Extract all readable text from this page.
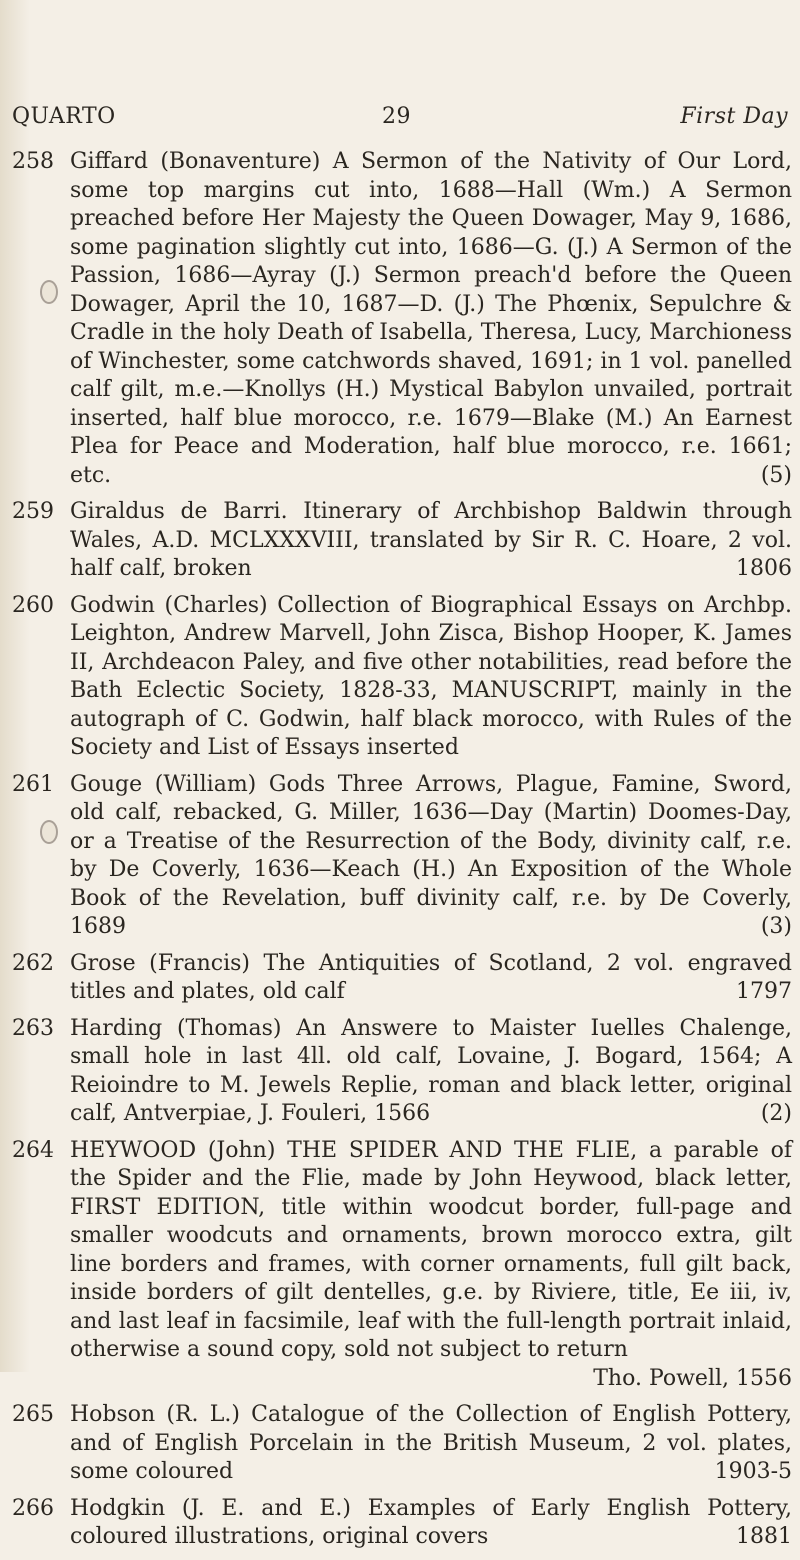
QUARTO	29	First Day
258 Giffard (Bonaventure) A Sermon of the Nativity of Our Lord, some top margins cut into, 1688—Hall (Wm.) A Sermon preached before Her Majesty the Queen Dowager, May 9, 1686, some pagination slightly cut into, 1686—G. (J.) A Sermon of the Passion, 1686—Ayray (J.) Sermon preach'd before the Queen Dowager, April the 10, 1687—D. (J.) The Phœnix, Sepulchre & Cradle in the holy Death of Isabella, Theresa, Lucy, Marchioness of Winchester, some catchwords shaved, 1691; in 1 vol. panelled calf gilt, m.e.—Knollys (H.) Mystical Babylon unvailed, portrait inserted, half blue morocco, r.e. 1679—Blake (M.) An Earnest Plea for Peace and Moderation, half blue morocco, r.e. 1661; etc.	(5)
259 Giraldus de Barri. Itinerary of Archbishop Baldwin through Wales, A.D. MCLXXXVIII, translated by Sir R. C. Hoare, 2 vol. half calf, broken	1806
260 Godwin (Charles) Collection of Biographical Essays on Archbp. Leighton, Andrew Marvell, John Zisca, Bishop Hooper, K. James II, Archdeacon Paley, and five other notabilities, read before the Bath Eclectic Society, 1828-33, MANUSCRIPT, mainly in the autograph of C. Godwin, half black morocco, with Rules of the Society and List of Essays inserted
261 Gouge (William) Gods Three Arrows, Plague, Famine, Sword, old calf, rebacked, G. Miller, 1636—Day (Martin) Doomes-Day, or a Treatise of the Resurrection of the Body, divinity calf, r.e. by De Coverly, 1636—Keach (H.) An Exposition of the Whole Book of the Revelation, buff divinity calf, r.e. by De Coverly, 1689	(3)
262 Grose (Francis) The Antiquities of Scotland, 2 vol. engraved titles and plates, old calf	1797
263 Harding (Thomas) An Answere to Maister Iuelles Chalenge, small hole in last 4ll. old calf, Lovaine, J. Bogard, 1564; A Reioindre to M. Jewels Replie, roman and black letter, original calf, Antverpiae, J. Fouleri, 1566	(2)
264 HEYWOOD (John) THE SPIDER AND THE FLIE, a parable of the Spider and the Flie, made by John Heywood, black letter, FIRST EDITION, title within woodcut border, full-page and smaller woodcuts and ornaments, brown morocco extra, gilt line borders and frames, with corner ornaments, full gilt back, inside borders of gilt dentelles, g.e. by Riviere, title, Ee iii, iv, and last leaf in facsimile, leaf with the full-length portrait inlaid, otherwise a sound copy, sold not subject to return
Tho. Powell, 1556
265 Hobson (R. L.) Catalogue of the Collection of English Pottery, and of English Porcelain in the British Museum, 2 vol. plates, some coloured	1903-5
266 Hodgkin (J. E. and E.) Examples of Early English Pottery, coloured illustrations, original covers	1881
